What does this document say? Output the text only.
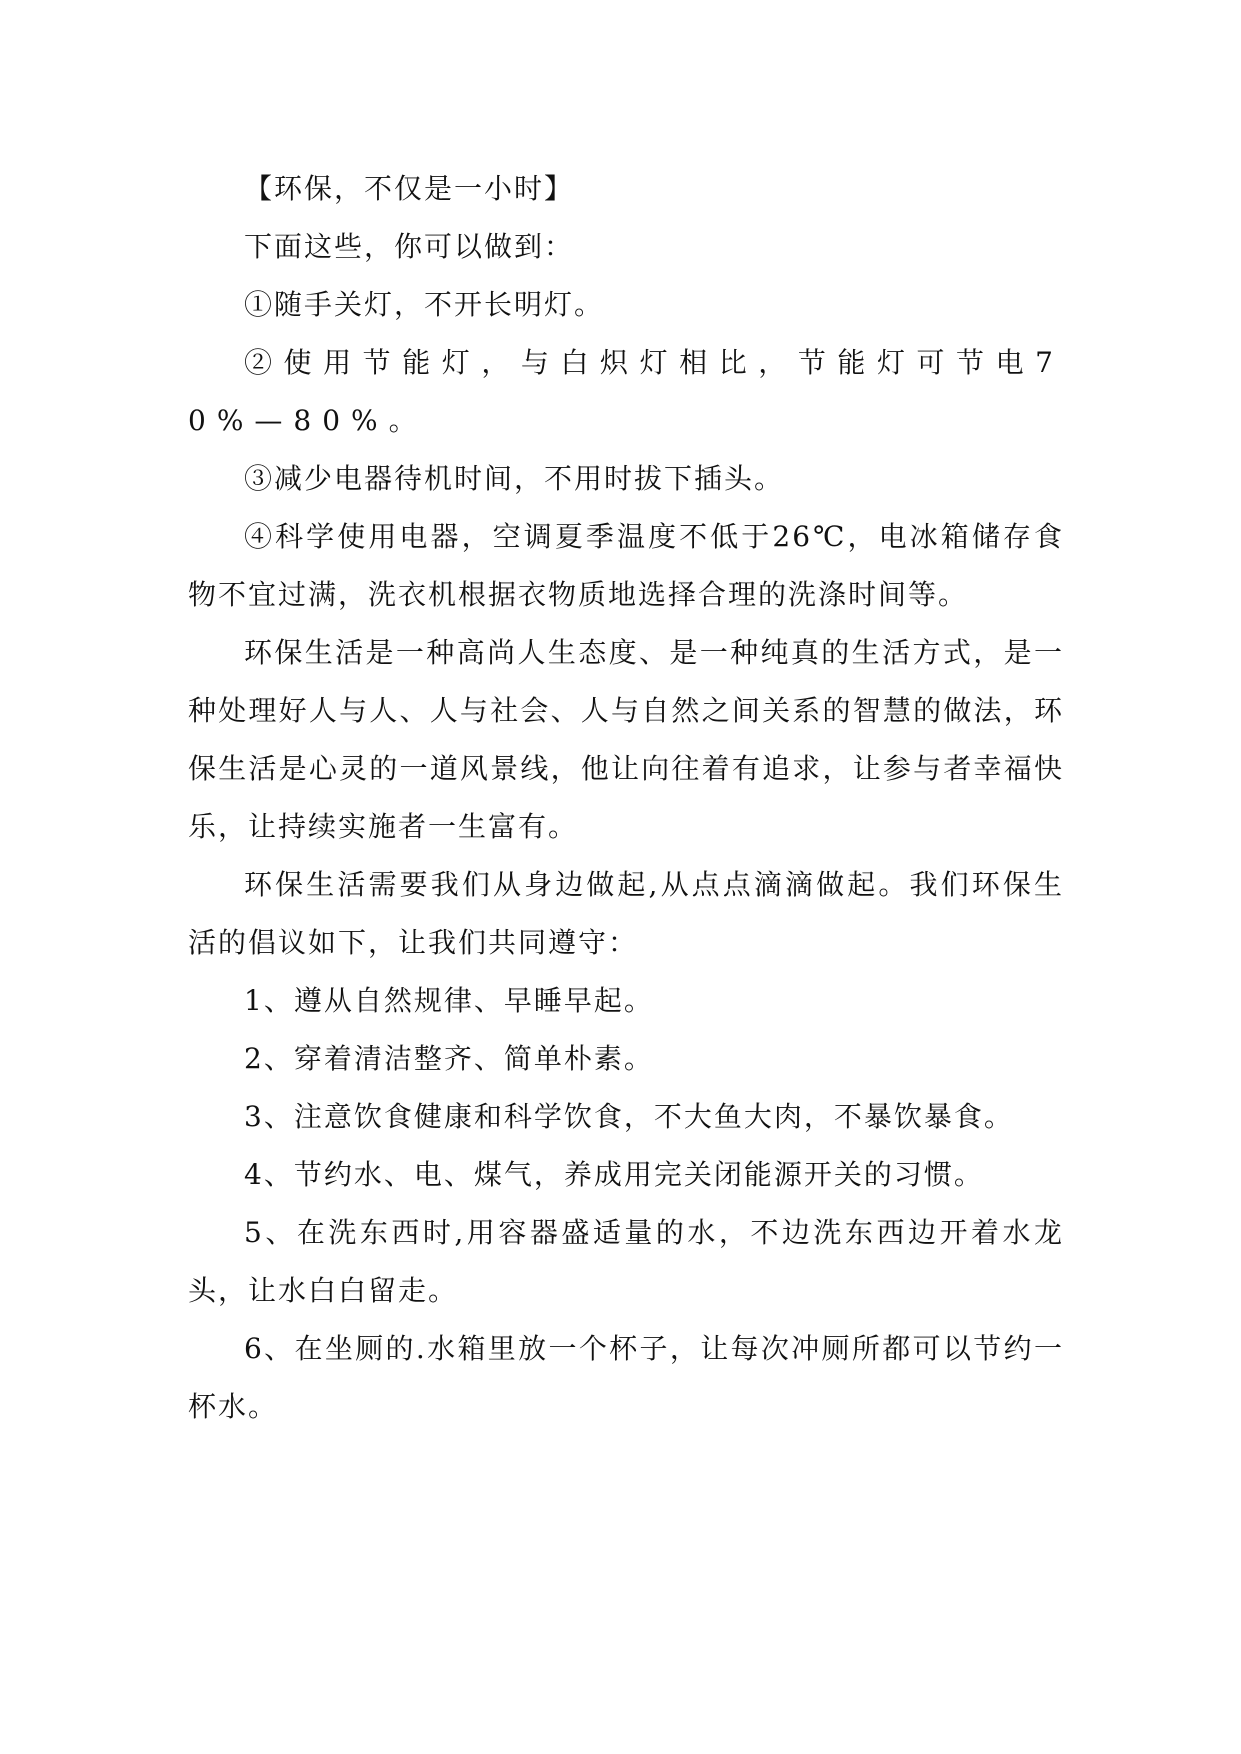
【环保，不仅是一小时】

下面这些，你可以做到：

①随手关灯，不开长明灯。

②使用节能灯，与白炽灯相比，节能灯可节电70%—80%。

③减少电器待机时间，不用时拔下插头。

④科学使用电器，空调夏季温度不低于26℃，电冰箱储存食物不宜过满，洗衣机根据衣物质地选择合理的洗涤时间等。

环保生活是一种高尚人生态度、是一种纯真的生活方式，是一种处理好人与人、人与社会、人与自然之间关系的智慧的做法，环保生活是心灵的一道风景线，他让向往着有追求，让参与者幸福快乐，让持续实施者一生富有。

环保生活需要我们从身边做起,从点点滴滴做起。我们环保生活的倡议如下，让我们共同遵守：

1、遵从自然规律、早睡早起。

2、穿着清洁整齐、简单朴素。

3、注意饮食健康和科学饮食，不大鱼大肉，不暴饮暴食。

4、节约水、电、煤气，养成用完关闭能源开关的习惯。

5、在洗东西时,用容器盛适量的水，不边洗东西边开着水龙头，让水白白留走。

6、在坐厕的.水箱里放一个杯子，让每次冲厕所都可以节约一杯水。
